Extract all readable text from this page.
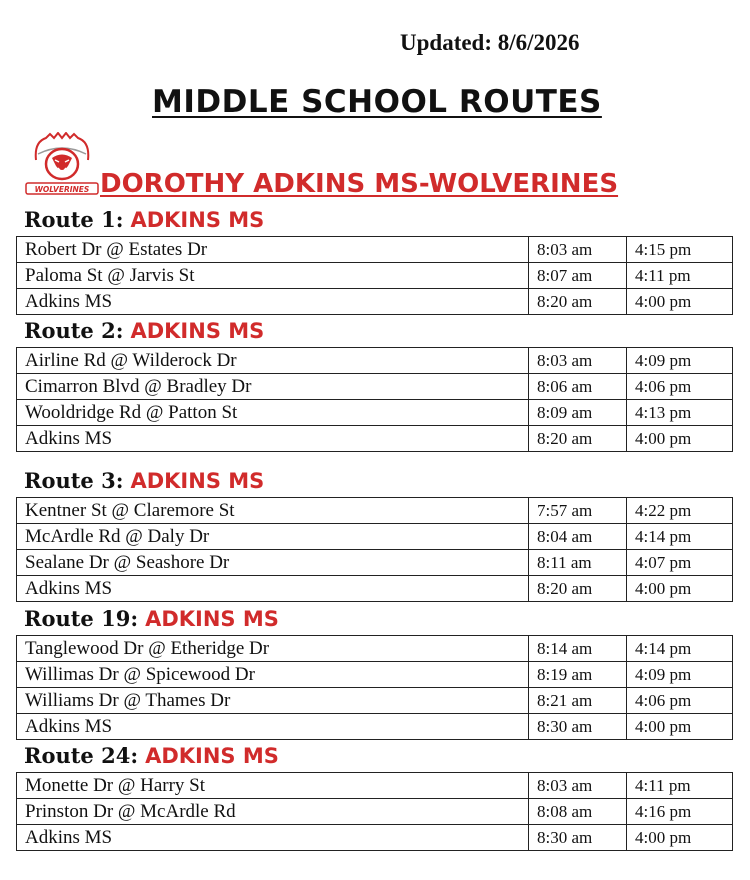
Updated: 8/6/2026
MIDDLE SCHOOL ROUTES
WOLVERINES DOROTHY ADKINS MS-WOLVERINES
Route 1: ADKINS MS
Robert Dr @ Estates Dr	8:03 am	4:15 pm
Paloma St @ Jarvis St	8:07 am	4:11 pm
Adkins MS	8:20 am	4:00 pm
Route 2: ADKINS MS
Airline Rd @ Wilderock Dr	8:03 am	4:09 pm
Cimarron Blvd @ Bradley Dr	8:06 am	4:06 pm
Wooldridge Rd @ Patton St	8:09 am	4:13 pm
Adkins MS	8:20 am	4:00 pm
Route 3: ADKINS MS
Kentner St @ Claremore St	7:57 am	4:22 pm
McArdle Rd @ Daly Dr	8:04 am	4:14 pm
Sealane Dr @ Seashore Dr	8:11 am	4:07 pm
Adkins MS	8:20 am	4:00 pm
Route 19: ADKINS MS
Tanglewood Dr @ Etheridge Dr	8:14 am	4:14 pm
Willimas Dr @ Spicewood Dr	8:19 am	4:09 pm
Williams Dr @ Thames Dr	8:21 am	4:06 pm
Adkins MS	8:30 am	4:00 pm
Route 24: ADKINS MS
Monette Dr @ Harry St	8:03 am	4:11 pm
Prinston Dr @ McArdle Rd	8:08 am	4:16 pm
Adkins MS	8:30 am	4:00 pm
